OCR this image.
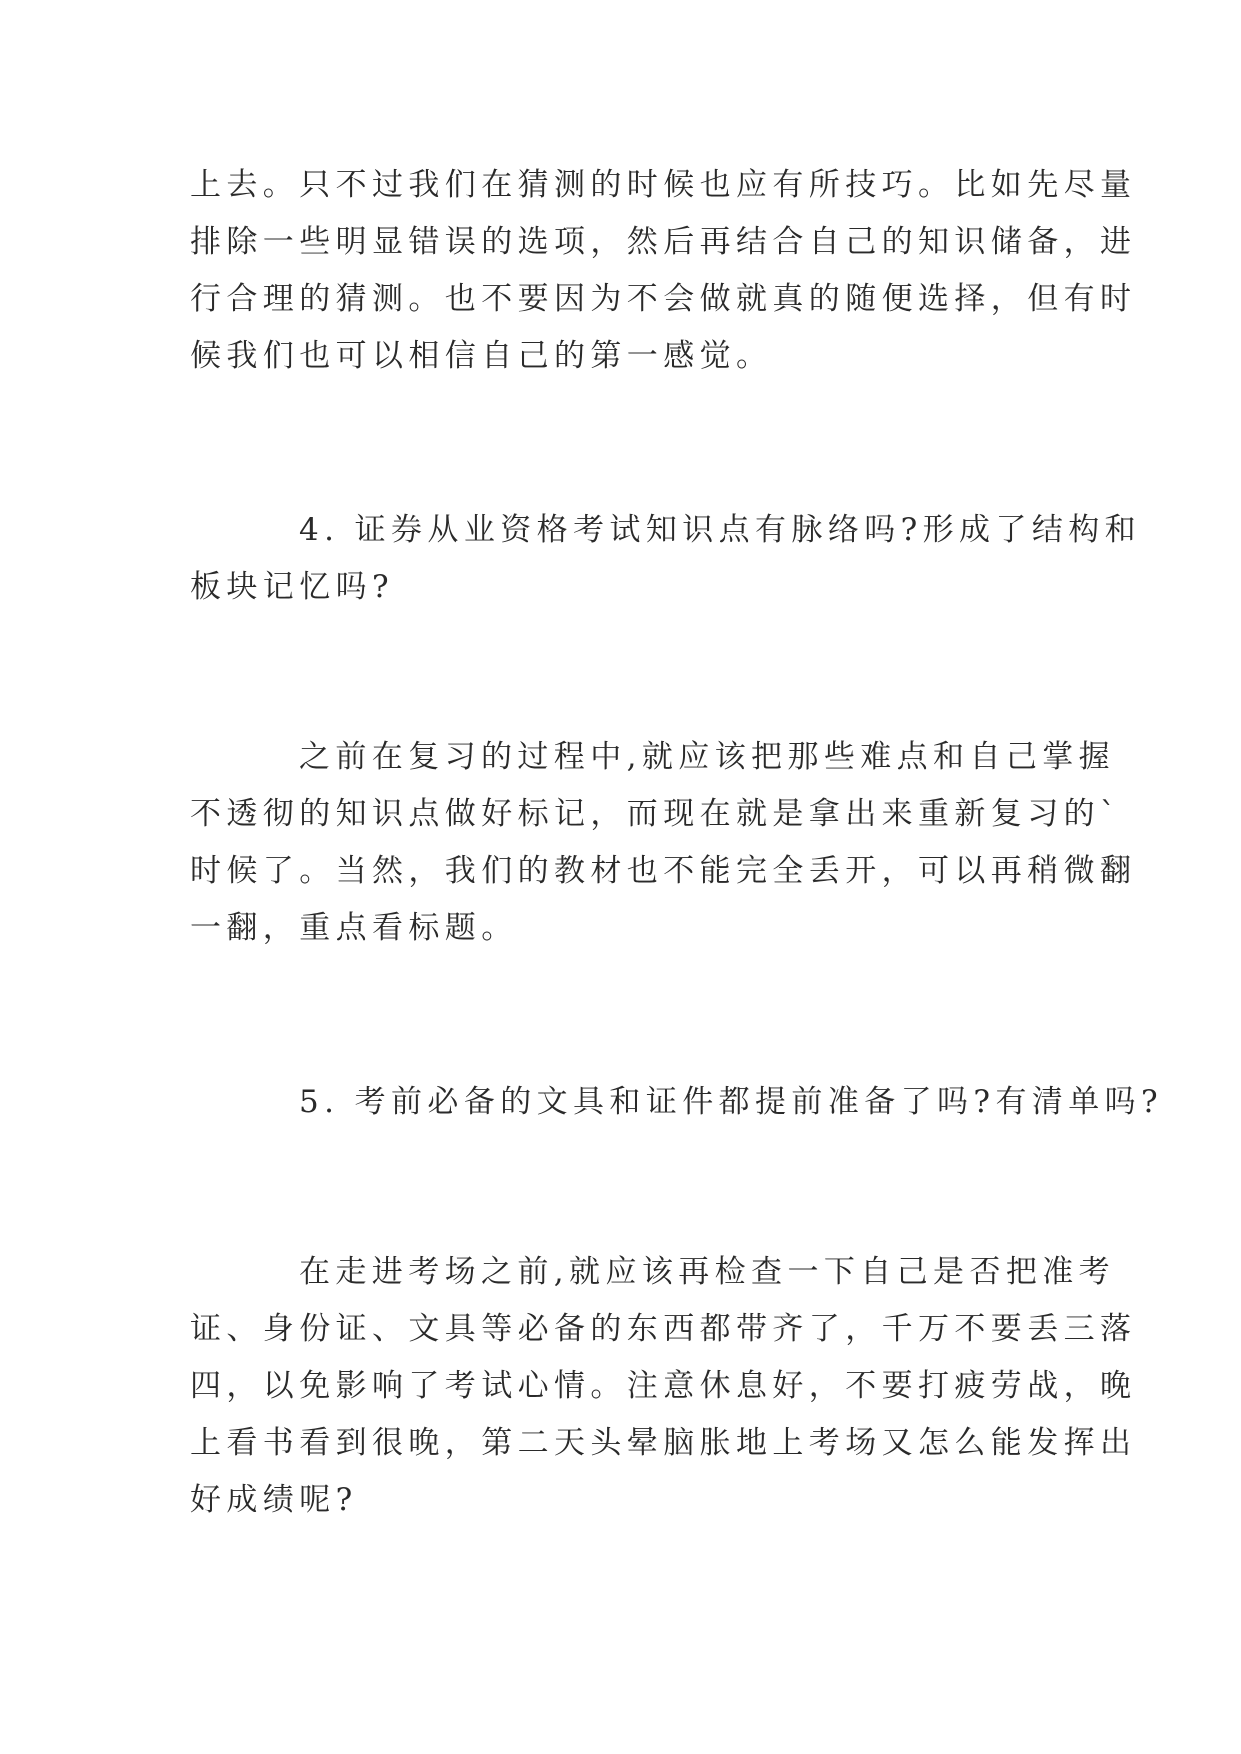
上去。只不过我们在猜测的时候也应有所技巧。比如先尽量
排除一些明显错误的选项，然后再结合自己的知识储备，进
行合理的猜测。也不要因为不会做就真的随便选择，但有时
候我们也可以相信自己的第一感觉。
4. 证券从业资格考试知识点有脉络吗?形成了结构和
板块记忆吗?
之前在复习的过程中,就应该把那些难点和自己掌握
不透彻的知识点做好标记，而现在就是拿出来重新复习的`
时候了。当然，我们的教材也不能完全丢开，可以再稍微翻
一翻，重点看标题。
5. 考前必备的文具和证件都提前准备了吗?有清单吗?
在走进考场之前,就应该再检查一下自己是否把准考
证、身份证、文具等必备的东西都带齐了，千万不要丢三落
四，以免影响了考试心情。注意休息好，不要打疲劳战，晚
上看书看到很晚，第二天头晕脑胀地上考场又怎么能发挥出
好成绩呢?
